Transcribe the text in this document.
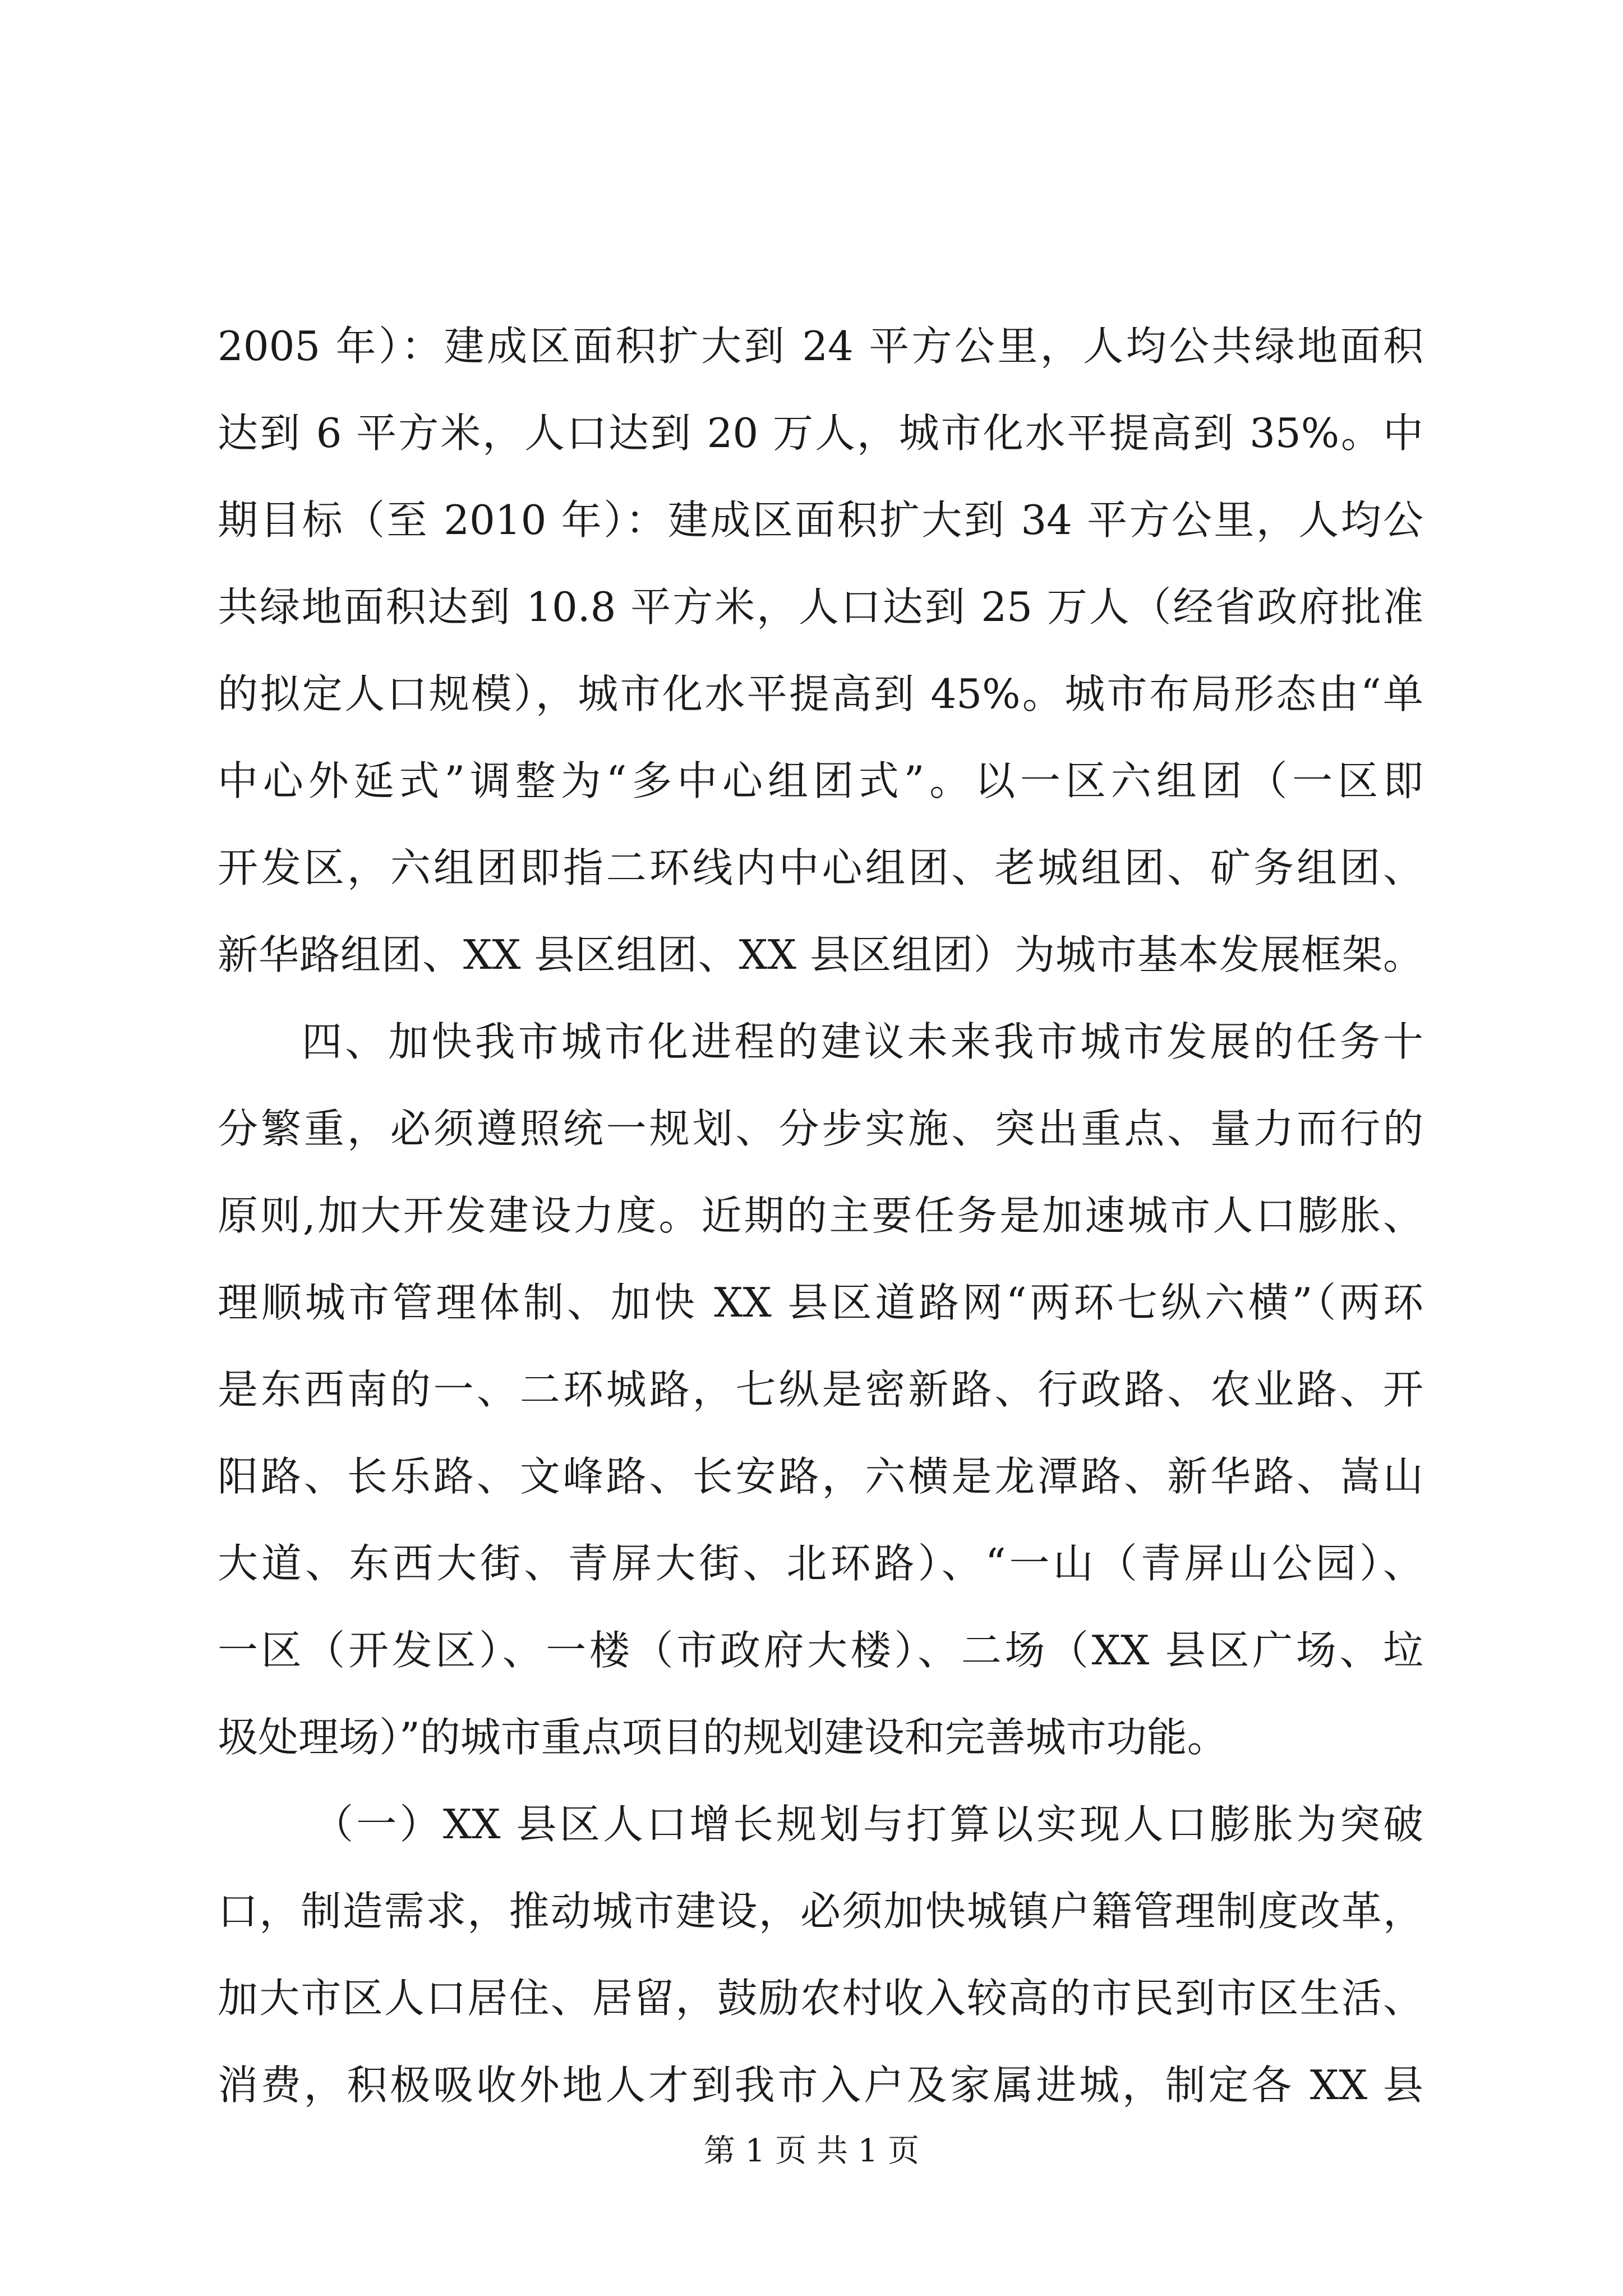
2005 年）：建成区面积扩大到 24 平方公里，人均公共绿地面积
达到 6 平方米，人口达到 20 万人，城市化水平提高到 35%。中
期目标（至 2010 年）：建成区面积扩大到 34 平方公里，人均公
共绿地面积达到 10.8 平方米，人口达到 25 万人（经省政府批准
的拟定人口规模），城市化水平提高到 45%。城市布局形态由“单
中心外延式”调整为“多中心组团式”。以一区六组团（一区即
开发区，六组团即指二环线内中心组团、老城组团、矿务组团、
新华路组团、XX 县区组团、XX 县区组团）为城市基本发展框架。
四、加快我市城市化进程的建议未来我市城市发展的任务十
分繁重，必须遵照统一规划、分步实施、突出重点、量力而行的
原则,加大开发建设力度。近期的主要任务是加速城市人口膨胀、
理顺城市管理体制、加快 XX 县区道路网“两环七纵六横”（两环
是东西南的一、二环城路，七纵是密新路、行政路、农业路、开
阳路、长乐路、文峰路、长安路，六横是龙潭路、新华路、嵩山
大道、东西大街、青屏大街、北环路）、“一山（青屏山公园）、
一区（开发区）、一楼（市政府大楼）、二场（XX 县区广场、垃
圾处理场）”的城市重点项目的规划建设和完善城市功能。
（一）XX 县区人口增长规划与打算以实现人口膨胀为突破
口，制造需求，推动城市建设，必须加快城镇户籍管理制度改革，
加大市区人口居住、居留，鼓励农村收入较高的市民到市区生活、
消费，积极吸收外地人才到我市入户及家属进城，制定各 XX 县
第 1 页 共 1 页
